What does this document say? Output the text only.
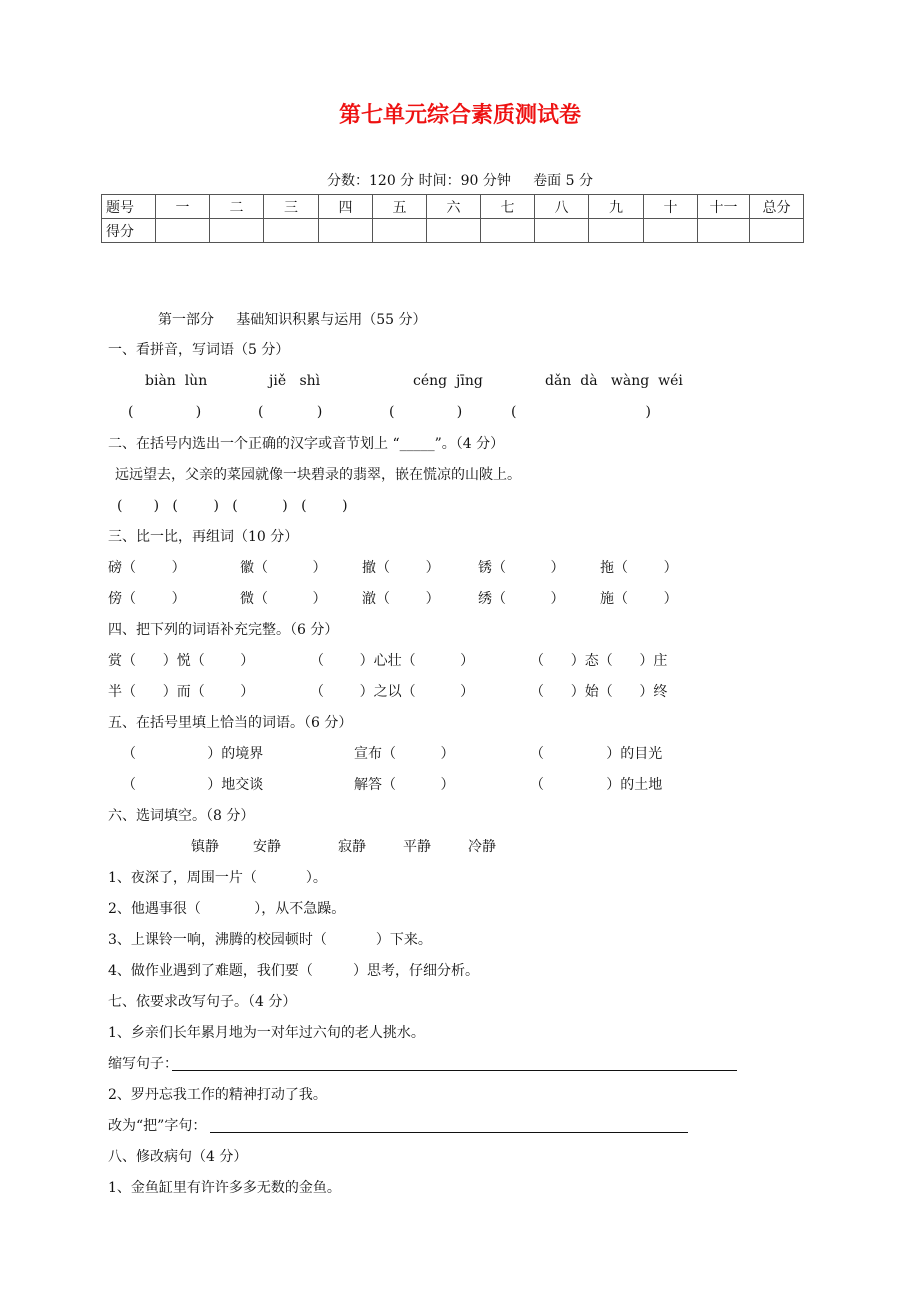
第七单元综合素质测试卷
分数：120 分 时间：90 分钟     卷面 5 分
题号	一	二	三	四	五	六	七	八	九	十	十一	总分
得分												
第一部分     基础知识积累与运用（55 分）
一、看拼音，写词语（5 分）
biàn  lùn	jiě   shì	céng  jīng	dǎn  dà   wàng  wéi
(              )	(            )	(              )	(                             )
二、在括号内选出一个正确的汉字或音节划上 “_____”。（4 分）
远远望去，父亲的菜园就像一块碧录的翡翠，嵌在慌凉的山陂上。
(       )   (        )   (          )   (        )
三、比一比，再组词（10 分）
磅（        ）	徽（          ）	撤（        ）	锈（          ）	拖（        ）
傍（        ）	微（          ）	澈（        ）	绣（          ）	施（        ）
四、把下列的词语补充完整。（6 分）
赏（      ）悦（        ）	（        ）心壮（          ）	（      ）态（      ）庄
半（      ）而（        ）	（        ）之以（          ）	（      ）始（      ）终
五、在括号里填上恰当的词语。（6 分）
（                ）的境界	宣布（          ）	（              ）的目光
（                ）地交谈	解答（          ）	（              ）的土地
六、选词填空。（8 分）
镇静 安静	寂静	平静	冷静
1、夜深了，周围一片（           ）。
2、他遇事很（            ），从不急躁。
3、上课铃一响，沸腾的校园顿时（           ）下来。
4、做作业遇到了难题，我们要（         ）思考，仔细分析。
七、依要求改写句子。（4 分）
1、乡亲们长年累月地为一对年过六旬的老人挑水。
缩写句子：
2、罗丹忘我工作的精神打动了我。
改为“把”字句：
八、修改病句（4 分）
1、金鱼缸里有许许多多无数的金鱼。
